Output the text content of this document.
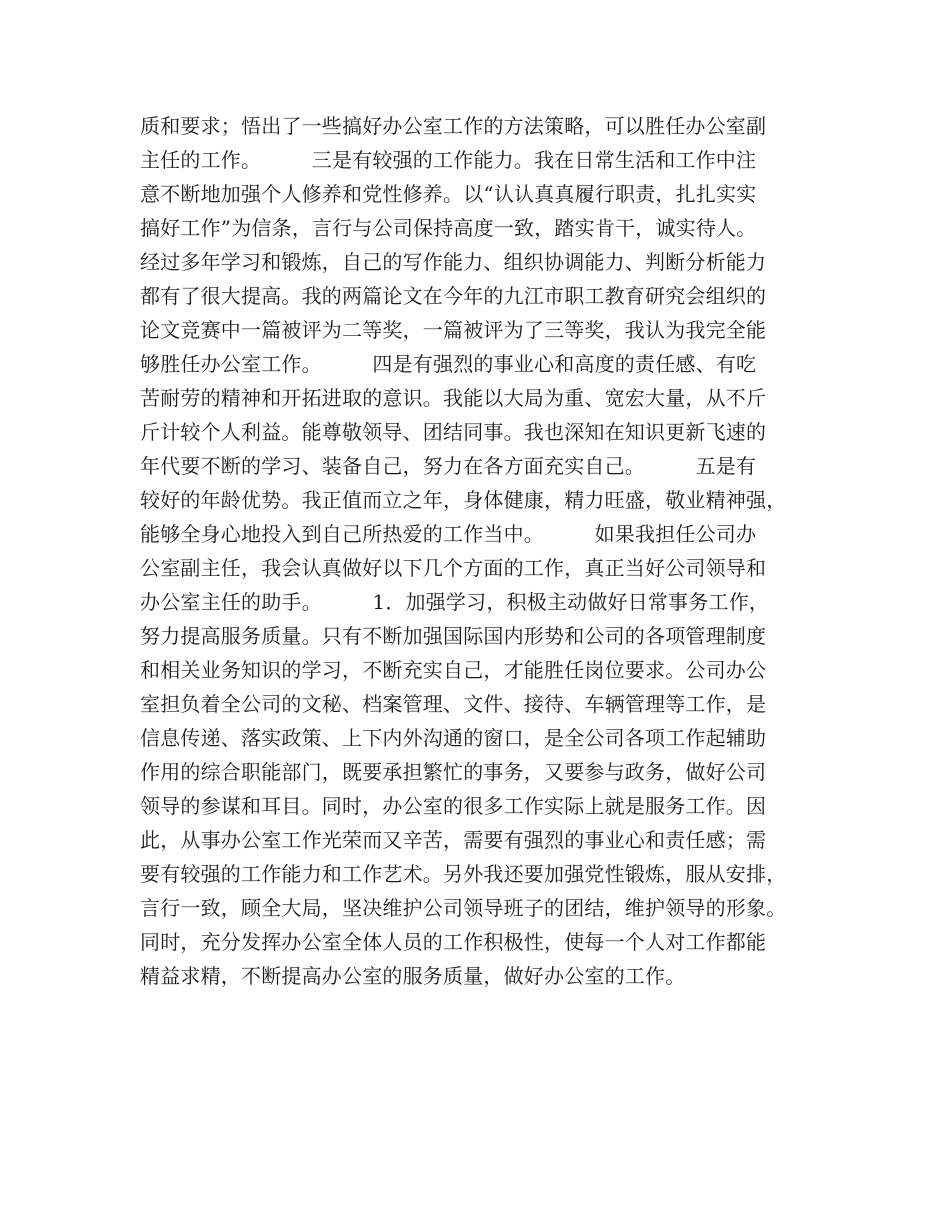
质和要求；悟出了一些搞好办公室工作的方法策略，可以胜任办公室副
主任的工作。　　　三是有较强的工作能力。我在日常生活和工作中注
意不断地加强个人修养和党性修养。以“认认真真履行职责，扎扎实实
搞好工作”为信条，言行与公司保持高度一致，踏实肯干，诚实待人。
经过多年学习和锻炼，自己的写作能力、组织协调能力、判断分析能力
都有了很大提高。我的两篇论文在今年的九江市职工教育研究会组织的
论文竞赛中一篇被评为二等奖，一篇被评为了三等奖，我认为我完全能
够胜任办公室工作。　　　四是有强烈的事业心和高度的责任感、有吃
苦耐劳的精神和开拓进取的意识。我能以大局为重、宽宏大量，从不斤
斤计较个人利益。能尊敬领导、团结同事。我也深知在知识更新飞速的
年代要不断的学习、装备自己，努力在各方面充实自己。　　　五是有
较好的年龄优势。我正值而立之年，身体健康，精力旺盛，敬业精神强，
能够全身心地投入到自己所热爱的工作当中。　　　如果我担任公司办
公室副主任，我会认真做好以下几个方面的工作，真正当好公司领导和
办公室主任的助手。　　　1．加强学习，积极主动做好日常事务工作，
努力提高服务质量。只有不断加强国际国内形势和公司的各项管理制度
和相关业务知识的学习，不断充实自己，才能胜任岗位要求。公司办公
室担负着全公司的文秘、档案管理、文件、接待、车辆管理等工作，是
信息传递、落实政策、上下内外沟通的窗口，是全公司各项工作起辅助
作用的综合职能部门，既要承担繁忙的事务，又要参与政务，做好公司
领导的参谋和耳目。同时，办公室的很多工作实际上就是服务工作。因
此，从事办公室工作光荣而又辛苦，需要有强烈的事业心和责任感；需
要有较强的工作能力和工作艺术。另外我还要加强党性锻炼，服从安排，
言行一致，顾全大局，坚决维护公司领导班子的团结，维护领导的形象。
同时，充分发挥办公室全体人员的工作积极性，使每一个人对工作都能
精益求精，不断提高办公室的服务质量，做好办公室的工作。
